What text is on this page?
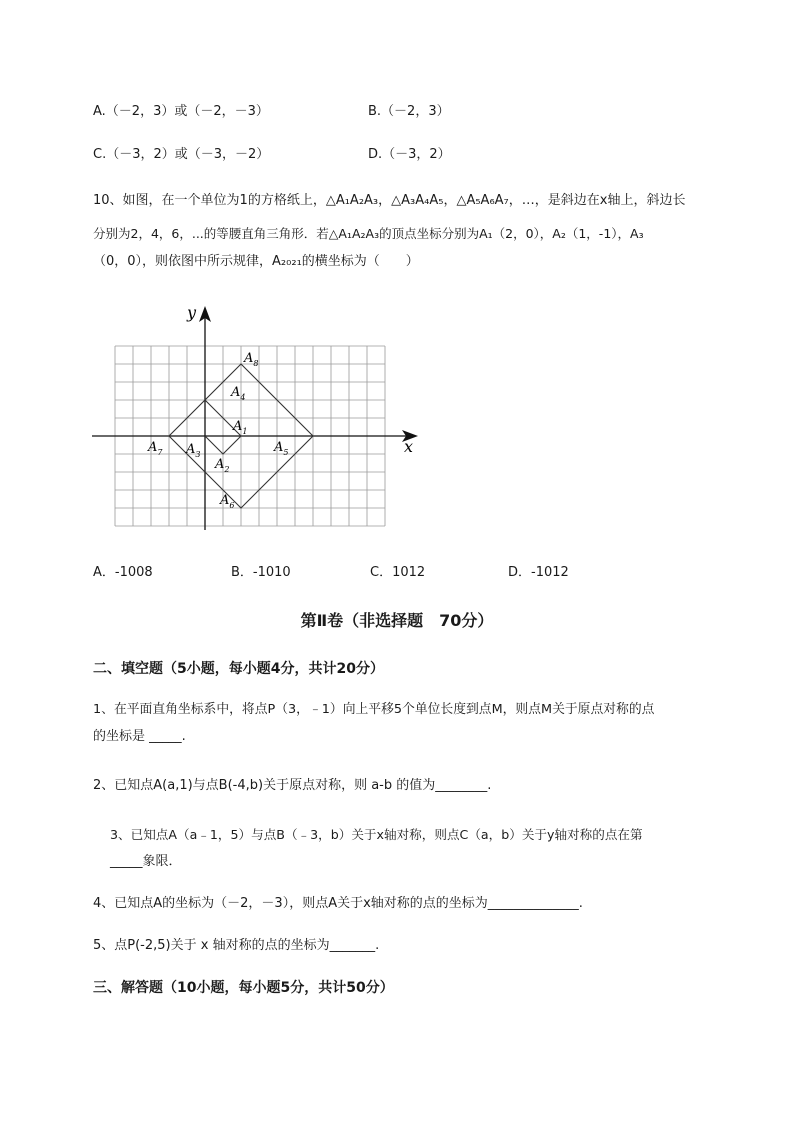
A.（－2，3）或（－2，－3）	B.（－2，3）
C.（－3，2）或（－3，－2）	D.（－3，2）
10、如图，在一个单位为1的方格纸上，△A₁A₂A₃，△A₃A₄A₅，△A₅A₆A₇，…，是斜边在x轴上，斜边长
分别为2，4，6，...的等腰直角三角形．若△A₁A₂A₃的顶点坐标分别为A₁（2，0），A₂（1，-1），A₃
（0，0），则依图中所示规律，A₂₀₂₁的横坐标为（　　）
x
y
$A_8$
$A_4$
$A_1$
$A_7$ $A_3$
$A_2$
$A_5$
$A_6$
A．-1008	B．-1010	C．1012	D．-1012
第Ⅱ卷（非选择题　70分）
二、填空题（5小题，每小题4分，共计20分）
1、在平面直角坐标系中，将点P（3，﹣1）向上平移5个单位长度到点M，则点M关于原点对称的点
的坐标是 _____.
2、已知点A(a,1)与点B(-4,b)关于原点对称，则 a-b 的值为________.
3、已知点A（a﹣1，5）与点B（﹣3，b）关于x轴对称，则点C（a，b）关于y轴对称的点在第
_____象限．
4、已知点A的坐标为（－2，－3），则点A关于x轴对称的点的坐标为______________.
5、点P(-2,5)关于 x 轴对称的点的坐标为_______.
三、解答题（10小题，每小题5分，共计50分）
